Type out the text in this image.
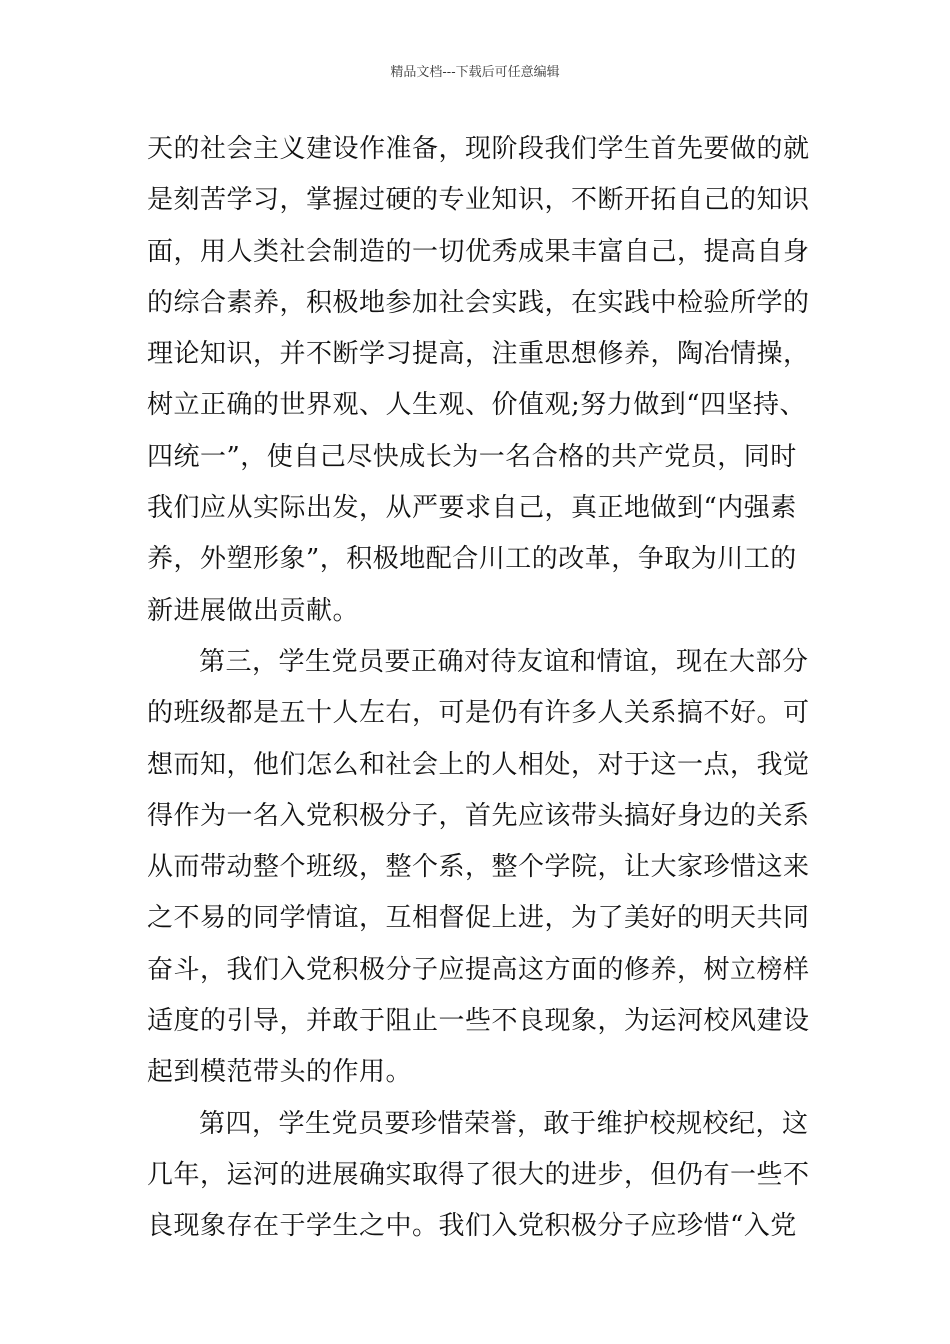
精品文档---下载后可任意编辑
天的社会主义建设作准备，现阶段我们学生首先要做的就
是刻苦学习，掌握过硬的专业知识，不断开拓自己的知识
面，用人类社会制造的一切优秀成果丰富自己，提高自身
的综合素养，积极地参加社会实践，在实践中检验所学的
理论知识，并不断学习提高，注重思想修养，陶冶情操，
树立正确的世界观、人生观、价值观;努力做到“四坚持、
四统一”，使自己尽快成长为一名合格的共产党员，同时
我们应从实际出发，从严要求自己，真正地做到“内强素
养，外塑形象”，积极地配合川工的改革，争取为川工的
新进展做出贡献。
第三，学生党员要正确对待友谊和情谊，现在大部分
的班级都是五十人左右，可是仍有许多人关系搞不好。可
想而知，他们怎么和社会上的人相处，对于这一点，我觉
得作为一名入党积极分子，首先应该带头搞好身边的关系
从而带动整个班级，整个系，整个学院，让大家珍惜这来
之不易的同学情谊，互相督促上进，为了美好的明天共同
奋斗，我们入党积极分子应提高这方面的修养，树立榜样
适度的引导，并敢于阻止一些不良现象，为运河校风建设
起到模范带头的作用。
第四，学生党员要珍惜荣誉，敢于维护校规校纪，这
几年，运河的进展确实取得了很大的进步，但仍有一些不
良现象存在于学生之中。我们入党积极分子应珍惜“入党
